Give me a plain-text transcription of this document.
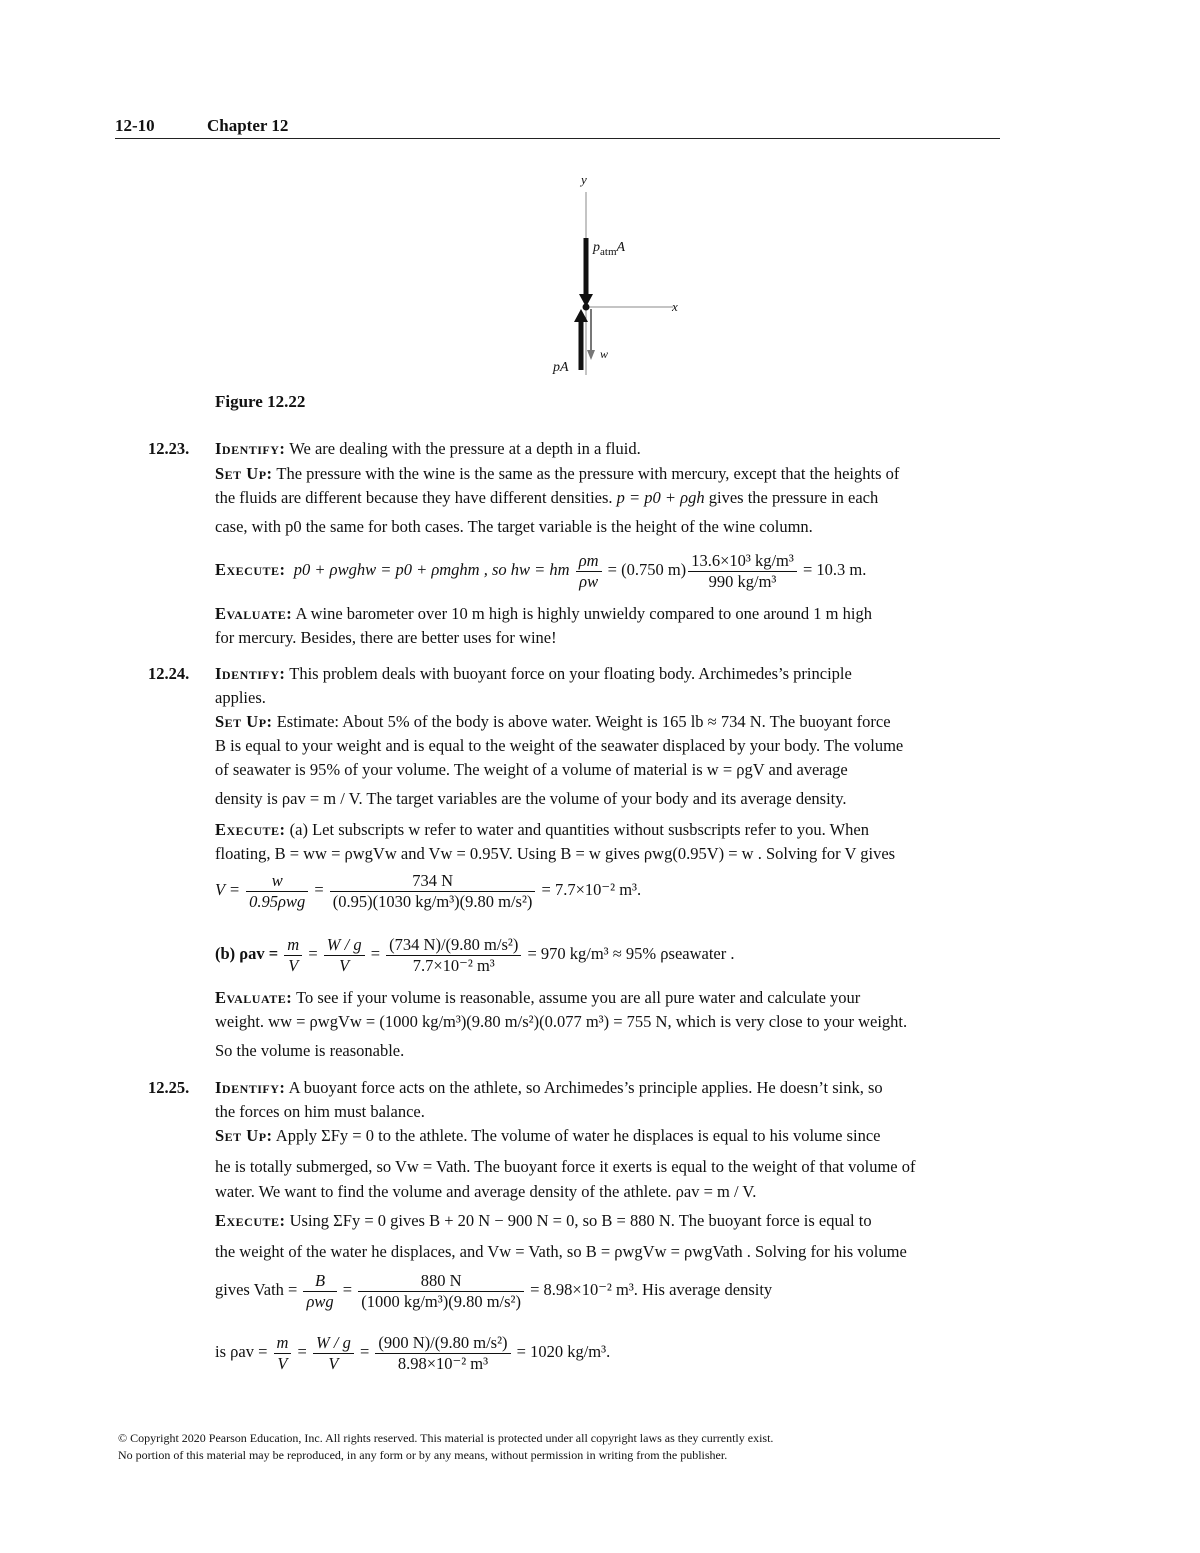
12-10	Chapter 12
y
x
$p_{atm}A$
pA
w
Figure 12.22
12.23. Identify: We are dealing with the pressure at a depth in a fluid.
Set Up: The pressure with the wine is the same as the pressure with mercury, except that the heights of
the fluids are different because they have different densities. p = p0 + ρgh gives the pressure in each
case, with p0 the same for both cases. The target variable is the height of the wine column.
Execute: p0 + ρwghw = p0 + ρmghm , so hw = hm $\frac{\rho m}{\rho w} = (0.750$ $m) \frac{\text{13.6×10³ kg/m³}}{\text{990 kg/m³}} = 10.3$ m.
Evaluate: A wine barometer over 10 m high is highly unwieldy compared to one around 1 m high
for mercury. Besides, there are better uses for wine!
12.24. Identify: This problem deals with buoyant force on your floating body. Archimedes’s principle
applies.
Set Up: Estimate: About 5% of the body is above water. Weight is 165 lb ≈ 734 N. The buoyant force
B is equal to your weight and is equal to the weight of the seawater displaced by your body. The volume
of seawater is 95% of your volume. The weight of a volume of material is w = ρgV and average
density is ρav = m / V. The target variables are the volume of your body and its average density.
Execute: (a) Let subscripts w refer to water and quantities without susbscripts refer to you. When
floating, B = ww = ρwgVw and Vw = 0.95V. Using B = w gives ρwg(0.95V) = w . Solving for V gives
$V = \frac{w}{\text{0.95ρwg}} = \frac{734 N}{\text{(0.95)(1030 kg/m³)(9.80 m/s²)}} = 7.7\times 10^{-2}$ m³.
(b) $\rho av = \frac{m}{V} = \frac{W / g}{V} = \frac{\text{(734 N)/(9.80 m/s²)}}{\text{7.7×10⁻² m³}} = 970$ kg/m³ ≈ 95% ρseawater .
Evaluate: To see if your volume is reasonable, assume you are all pure water and calculate your
weight. ww = ρwgVw = (1000 kg/m³)(9.80 m/s²)(0.077 m³) = 755 N, which is very close to your weight.
So the volume is reasonable.
12.25. Identify: A buoyant force acts on the athlete, so Archimedes’s principle applies. He doesn’t sink, so
the forces on him must balance.
Set Up: Apply ΣFy = 0 to the athlete. The volume of water he displaces is equal to his volume since
he is totally submerged, so Vw = Vath. The buoyant force it exerts is equal to the weight of that volume of
water. We want to find the volume and average density of the athlete. ρav = m / V.
Execute: Using ΣFy = 0 gives B + 20 N − 900 N = 0, so B = 880 N. The buoyant force is equal to
the weight of the water he displaces, and Vw = Vath, so B = ρwgVw = ρwgVath . Solving for his volume
gives Vath = $\frac{B}{\text{ρwg}} = \frac{880 N}{\text{(1000 kg/m³)(9.80 m/s²)}} = 8.98\times 10^{-2}$ m³. His average density
is $\rho av = \frac{m}{V} = \frac{W / g}{V} = \frac{\text{(900 N)/(9.80 m/s²)}}{\text{8.98×10⁻² m³}} = 1020$ kg/m³.
© Copyright 2020 Pearson Education, Inc. All rights reserved. This material is protected under all copyright laws as they currently exist.
No portion of this material may be reproduced, in any form or by any means, without permission in writing from the publisher.
